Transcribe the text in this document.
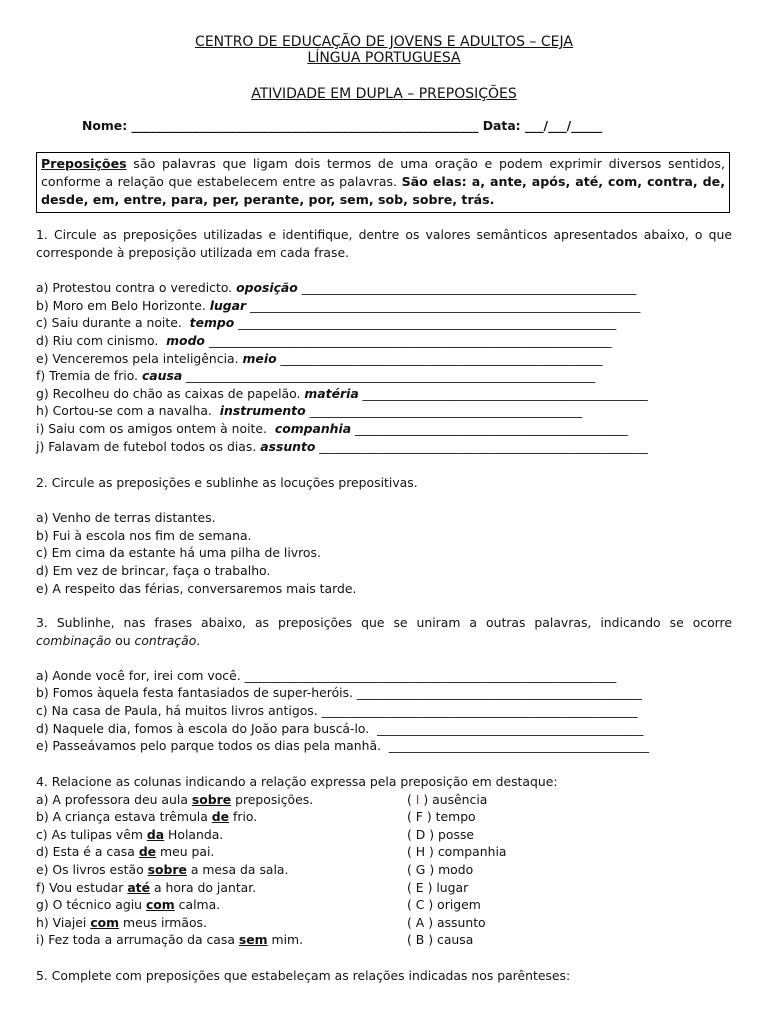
CENTRO DE EDUCAÇÃO DE JOVENS E ADULTOS – CEJA
LÍNGUA PORTUGUESA
ATIVIDADE EM DUPLA – PREPOSIÇÕES
Nome: ________________________________________________________ Data: ___/___/_____
Preposições são palavras que ligam dois termos de uma oração e podem exprimir diversos sentidos, conforme a relação que estabelecem entre as palavras. São elas: a, ante, após, até, com, contra, de, desde, em, entre, para, per, perante, por, sem, sob, sobre, trás.
1. Circule as preposições utilizadas e identifique, dentre os valores semânticos apresentados abaixo, o que corresponde à preposição utilizada em cada frase.
a) Protestou contra o veredicto. oposição ______________________________________________________
b) Moro em Belo Horizonte. lugar _______________________________________________________________
c) Saiu durante a noite.  tempo _____________________________________________________________
d) Riu com cinismo.  modo _________________________________________________________________
e) Venceremos pela inteligência. meio ____________________________________________________
f) Tremia de frio. causa __________________________________________________________________
g) Recolheu do chão as caixas de papelão. matéria ______________________________________________
h) Cortou-se com a navalha.  instrumento ____________________________________________
i) Saiu com os amigos ontem à noite.  companhia ____________________________________________
j) Falavam de futebol todos os dias. assunto _____________________________________________________
2. Circule as preposições e sublinhe as locuções prepositivas.
a) Venho de terras distantes.
b) Fui à escola nos fim de semana.
c) Em cima da estante há uma pilha de livros.
d) Em vez de brincar, faça o trabalho.
e) A respeito das férias, conversaremos mais tarde.
3. Sublinhe, nas frases abaixo, as preposições que se uniram a outras palavras, indicando se ocorre combinação ou contração.
a) Aonde você for, irei com você. ____________________________________________________________
b) Fomos àquela festa fantasiados de super-heróis. ______________________________________________
c) Na casa de Paula, há muitos livros antigos. ___________________________________________________
d) Naquele dia, fomos à escola do João para buscá-lo.  ___________________________________________
e) Passeávamos pelo parque todos os dias pela manhã.  __________________________________________
4. Relacione as colunas indicando a relação expressa pela preposição em destaque:
a) A professora deu aula sobre preposições.	( I ) ausência
b) A criança estava trêmula de frio.	( F ) tempo
c) As tulipas vêm da Holanda.	( D ) posse
d) Esta é a casa de meu pai.	( H ) companhia
e) Os livros estão sobre a mesa da sala.	( G ) modo
f) Vou estudar até a hora do jantar.	( E ) lugar
g) O técnico agiu com calma.	( C ) origem
h) Viajei com meus irmãos.	( A ) assunto
i) Fez toda a arrumação da casa sem mim.	( B ) causa
5. Complete com preposições que estabeleçam as relações indicadas nos parênteses:
